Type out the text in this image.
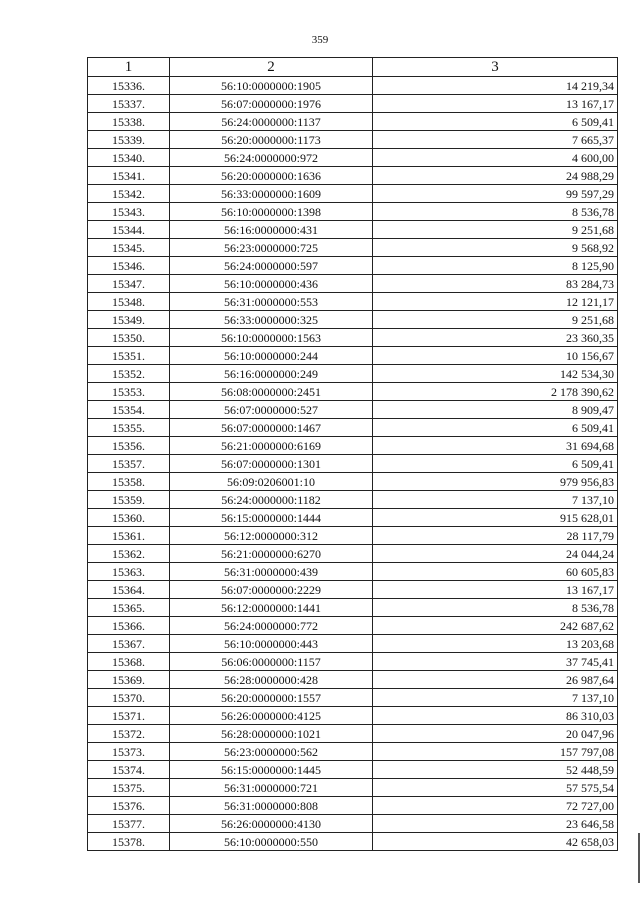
359
1	2	3
15336.	56:10:0000000:1905	14 219,34
15337.	56:07:0000000:1976	13 167,17
15338.	56:24:0000000:1137	6 509,41
15339.	56:20:0000000:1173	7 665,37
15340.	56:24:0000000:972	4 600,00
15341.	56:20:0000000:1636	24 988,29
15342.	56:33:0000000:1609	99 597,29
15343.	56:10:0000000:1398	8 536,78
15344.	56:16:0000000:431	9 251,68
15345.	56:23:0000000:725	9 568,92
15346.	56:24:0000000:597	8 125,90
15347.	56:10:0000000:436	83 284,73
15348.	56:31:0000000:553	12 121,17
15349.	56:33:0000000:325	9 251,68
15350.	56:10:0000000:1563	23 360,35
15351.	56:10:0000000:244	10 156,67
15352.	56:16:0000000:249	142 534,30
15353.	56:08:0000000:2451	2 178 390,62
15354.	56:07:0000000:527	8 909,47
15355.	56:07:0000000:1467	6 509,41
15356.	56:21:0000000:6169	31 694,68
15357.	56:07:0000000:1301	6 509,41
15358.	56:09:0206001:10	979 956,83
15359.	56:24:0000000:1182	7 137,10
15360.	56:15:0000000:1444	915 628,01
15361.	56:12:0000000:312	28 117,79
15362.	56:21:0000000:6270	24 044,24
15363.	56:31:0000000:439	60 605,83
15364.	56:07:0000000:2229	13 167,17
15365.	56:12:0000000:1441	8 536,78
15366.	56:24:0000000:772	242 687,62
15367.	56:10:0000000:443	13 203,68
15368.	56:06:0000000:1157	37 745,41
15369.	56:28:0000000:428	26 987,64
15370.	56:20:0000000:1557	7 137,10
15371.	56:26:0000000:4125	86 310,03
15372.	56:28:0000000:1021	20 047,96
15373.	56:23:0000000:562	157 797,08
15374.	56:15:0000000:1445	52 448,59
15375.	56:31:0000000:721	57 575,54
15376.	56:31:0000000:808	72 727,00
15377.	56:26:0000000:4130	23 646,58
15378.	56:10:0000000:550	42 658,03
